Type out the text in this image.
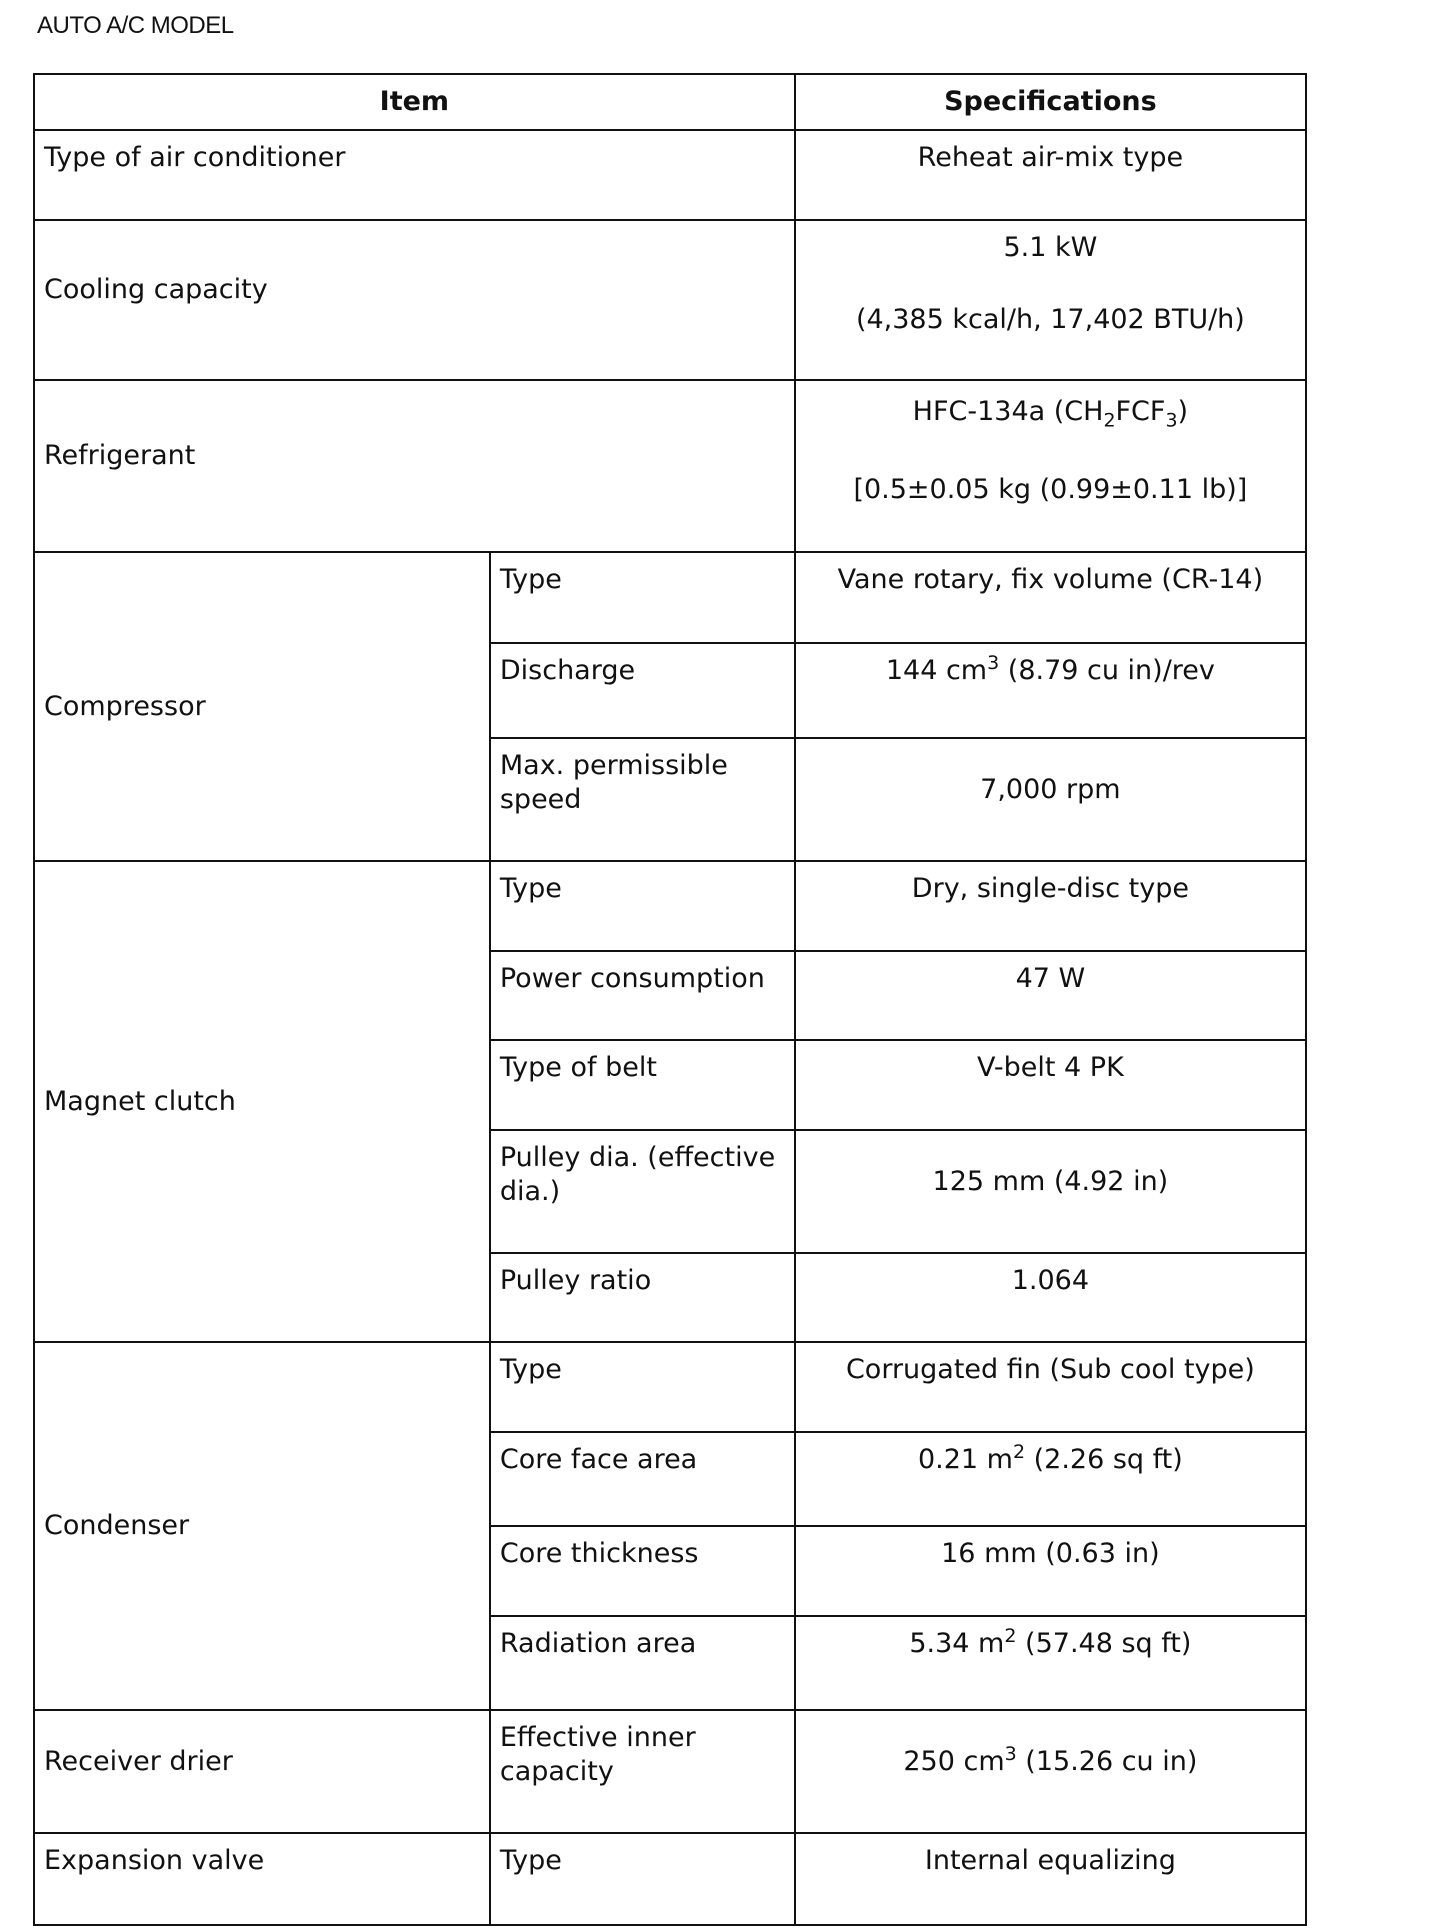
AUTO A/C MODEL
Item		Specifications
Type of air conditioner		Reheat air-mix type
Cooling capacity		5.1 kW
(4,385 kcal/h, 17,402 BTU/h)
Refrigerant		HFC-134a $(CH_2FCF_3)$
[0.5±0.05 kg (0.99±0.11 lb)]
Compressor	Type	Vane rotary, fix volume (CR-14)
	Discharge	144 $cm^3$ (8.79 cu in)/rev
	Max. permissible speed	7,000 rpm
Magnet clutch	Type	Dry, single-disc type
	Power consumption	47 W
	Type of belt	V-belt 4 PK
	Pulley dia. (effective dia.)	125 mm (4.92 in)
	Pulley ratio	1.064
Condenser	Type	Corrugated fin (Sub cool type)
	Core face area	0.21 $m^2$ (2.26 sq ft)
	Core thickness	16 mm (0.63 in)
	Radiation area	5.34 $m^2$ (57.48 sq ft)
Receiver drier	Effective inner capacity	250 $cm^3$ (15.26 cu in)
Expansion valve	Type	Internal equalizing
